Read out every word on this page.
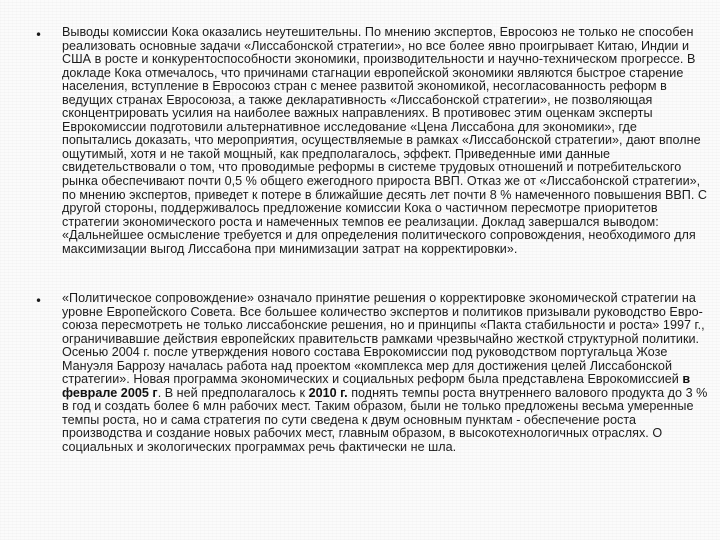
• Выводы комиссии Кока оказались неутешительны. По мнению экспертов, Евросоюз не только не способен реализовать основные задачи «Лиссабонской стратегии», но все более явно проигрывает Китаю, Индии и США в росте и конкурентоспособности экономики, производительности и научно-техническом прогрессе. В докладе Кока отмечалось, что причинами стагнации европейской экономики являются быстрое старение населения, вступление в Евросоюз стран с менее развитой экономикой, несогласованность реформ в ведущих странах Евросоюза, а также декларативность «Лиссабонской стратегии», не позволяющая сконцентрировать усилия на наиболее важных направлениях. В противовес этим оценкам эксперты Еврокомиссии подготовили альтернативное исследование «Цена Лиссабона для экономики», где попытались доказать, что мероприятия, осуществляемые в рамках «Лиссабонской стратегии», дают вполне ощутимый, хотя и не такой мощный, как предполагалось, эффект. Приведенные ими данные свидетельствовали о том, что проводимые реформы в системе трудовых отношений и потребительского рынка обеспечивают почти 0,5 % общего ежегодного прироста ВВП. Отказ же от «Лиссабонской стратегии», по мнению экспертов, приведет к потере в ближайшие десять лет почти 8 % намеченного повышения ВВП. С другой стороны, поддерживалось предложение комиссии Кока о частичном пересмотре приоритетов стратегии экономического роста и намеченных темпов ее реализации. Доклад завершался выводом: «Дальнейшее осмысление требуется и для определения политического сопровождения, необходимого для максимизации выгод Лиссабона при минимизации затрат на корректировки».
• «Политическое сопровождение» означало принятие решения о корректировке экономической стратегии на уровне Европейского Совета. Все большее количество экспертов и политиков призывали руководство Евро-союза пересмотреть не только лиссабонские решения, но и принципы «Пакта стабильности и роста» 1997 г., ограничивавшие действия европейских правительств рамками чрезвычайно жесткой структурной политики. Осенью 2004 г. после утверждения нового состава Еврокомиссии под руководством португальца Жозе Мануэля Баррозу началась работа над проектом «комплекса мер для достижения целей Лиссабонской стратегии». Новая программа экономических и социальных реформ была представлена Еврокомиссией в феврале 2005 г. В ней предполагалось к 2010 г. поднять темпы роста внутреннего валового продукта до 3 % в год и создать более 6 млн рабочих мест. Таким образом, были не только предложены весьма умеренные темпы роста, но и сама стратегия по сути сведена к двум основным пунктам - обеспечение роста производства и создание новых рабочих мест, главным образом, в высокотехнологичных отраслях. О социальных и экологических программах речь фактически не шла.
